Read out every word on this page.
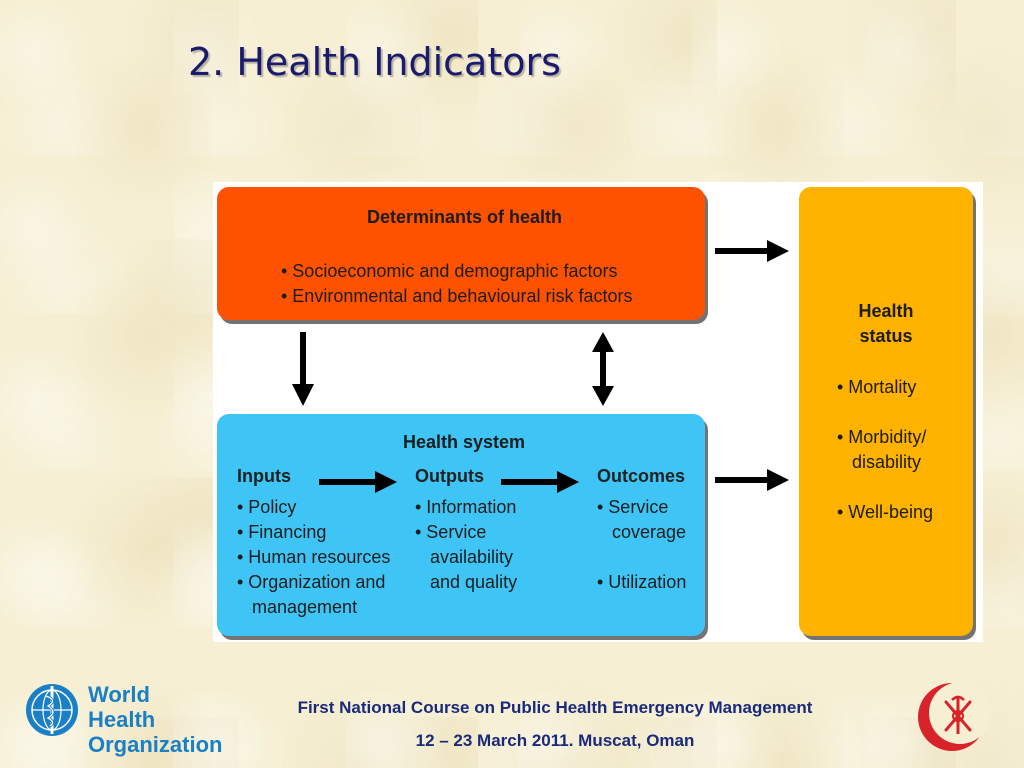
2. Health Indicators
Determinants of health
• Socioeconomic and demographic factors
• Environmental and behavioural risk factors
Health system
Inputs
• Policy
• Financing
• Human resources
• Organization and
management
Outputs
• Information
• Service
availability
and quality
Outcomes
• Service
coverage
• Utilization
Health
status
• Mortality
• Morbidity/
disability
• Well-being
World Health
Organization
First National Course on Public Health Emergency Management
12 – 23 March 2011. Muscat, Oman
